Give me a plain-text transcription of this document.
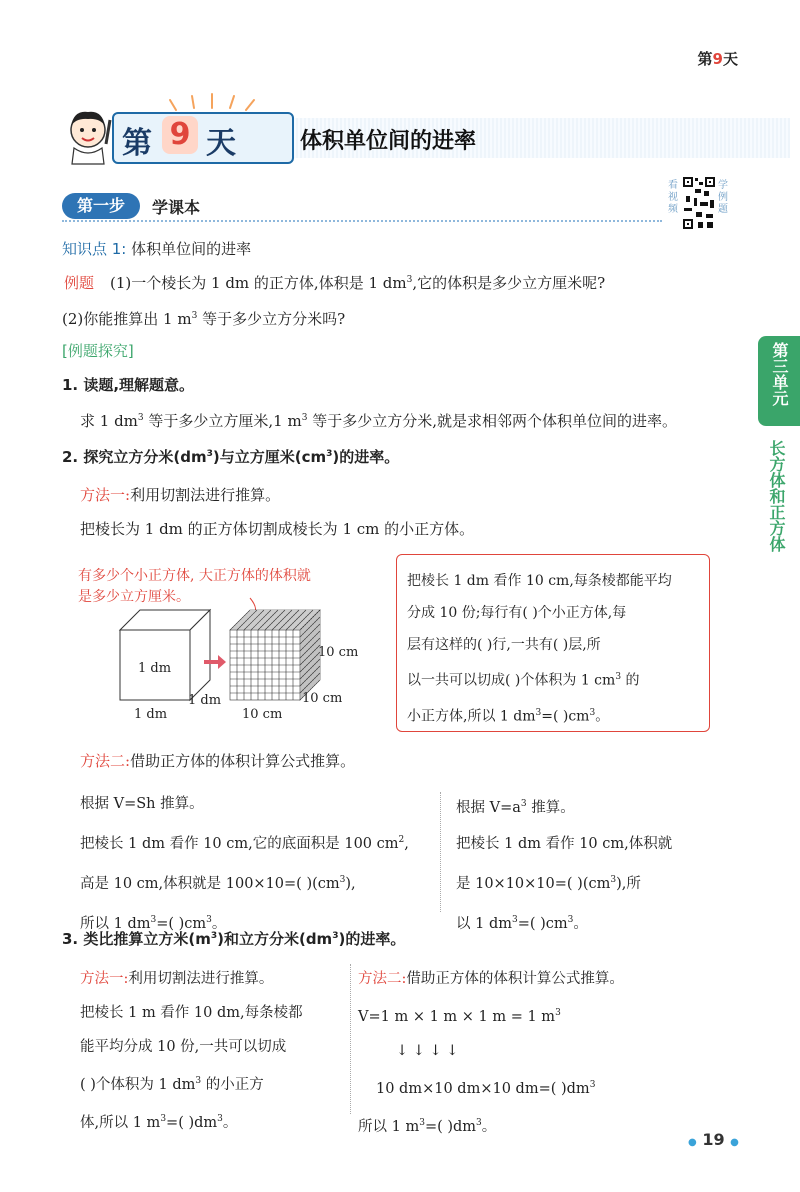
第9天
第 9 天	体积单位间的进率
第一步	学课本
看视频
学例题
知识点 1: 体积单位间的进率
例题 (1)一个棱长为 1 dm 的正方体,体积是 1 $dm^3$,它的体积是多少立方厘米呢?
(2)你能推算出 1 $m^3$ 等于多少立方分米吗?
[例题探究]
1. 读题,理解题意。
求 1 $dm^3$ 等于多少立方厘米,1 $m^3$ 等于多少立方分米,就是求相邻两个体积单位间的进率。
2. 探究立方分米$(dm^3)$与立方厘米$(cm^3)$的进率。
方法一:利用切割法进行推算。
把棱长为 1 dm 的正方体切割成棱长为 1 cm 的小正方体。
有多少个小正方体, 大正方体的体积就是多少立方厘米。
1 dm
1 dm
1 dm
10 cm
10 cm
10 cm
把棱长 1 dm 看作 10 cm,每条棱都能平均
分成 10 份;每行有( )个小正方体,每
层有这样的( )行,一共有( )层,所
以一共可以切成( )个体积为 1 $cm^3$ 的
小正方体,所以 1 $dm^3=$( )$cm^3$。
方法二:借助正方体的体积计算公式推算。
根据 V=Sh 推算。
把棱长 1 dm 看作 10 cm,它的底面积是 100 $cm^2$,
高是 10 cm,体积就是 100×10=( )$(cm^3)$,
所以 1 $dm^3=$( )$cm^3$。
根据 $V=a^3$ 推算。
把棱长 1 dm 看作 10 cm,体积就
是 10×10×10=( )$(cm^3)$,所
以 1 $dm^3=$( )$cm^3$。
3. 类比推算立方米$(m^3)$和立方分米$(dm^3)$的进率。
方法一:利用切割法进行推算。
把棱长 1 m 看作 10 dm,每条棱都
能平均分成 10 份,一共可以切成
( )个体积为 1 $dm^3$ 的小正方
体,所以 1 $m^3=$( )$dm^3$。
方法二:借助正方体的体积计算公式推算。
V=1 m × 1 m × 1 m = 1 $m^3$
↓ ↓ ↓ ↓
10 dm×10 dm×10 dm=( )$dm^3$
所以 1 $m^3=$( )$dm^3$。
第三单元
长方体和正方体
● 19 ●
